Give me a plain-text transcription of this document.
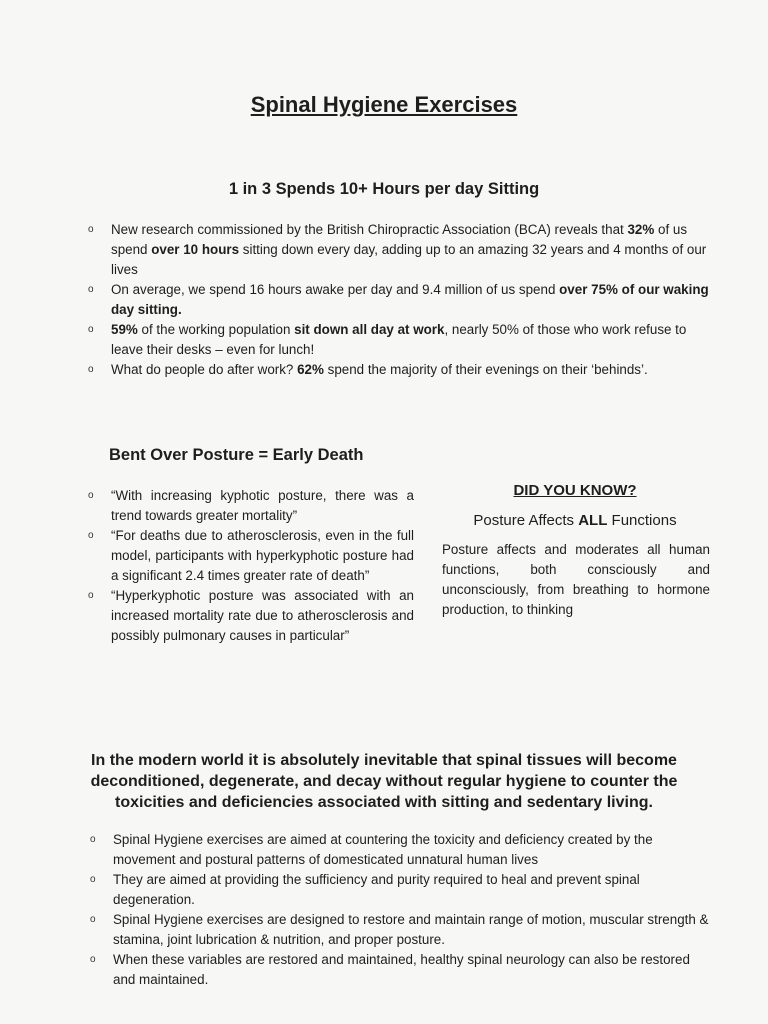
Spinal Hygiene Exercises
1 in 3 Spends 10+ Hours per day Sitting
o New research commissioned by the British Chiropractic Association (BCA) reveals that 32% of us spend over 10 hours sitting down every day, adding up to an amazing 32 years and 4 months of our lives
o On average, we spend 16 hours awake per day and 9.4 million of us spend over 75% of our waking day sitting.
o 59% of the working population sit down all day at work, nearly 50% of those who work refuse to leave their desks – even for lunch!
o What do people do after work? 62% spend the majority of their evenings on their ‘behinds’.
Bent Over Posture = Early Death
o “With increasing kyphotic posture, there was a trend towards greater mortality”
o “For deaths due to atherosclerosis, even in the full model, participants with hyperkyphotic posture had a significant 2.4 times greater rate of death”
o “Hyperkyphotic posture was associated with an increased mortality rate due to atherosclerosis and possibly pulmonary causes in particular”
DID YOU KNOW?

Posture Affects ALL Functions

Posture affects and moderates all human functions, both consciously and unconsciously, from breathing to hormone production, to thinking

In the modern world it is absolutely inevitable that spinal tissues will become deconditioned, degenerate, and decay without regular hygiene to counter the toxicities and deficiencies associated with sitting and sedentary living.

o Spinal Hygiene exercises are aimed at countering the toxicity and deficiency created by the movement and postural patterns of domesticated unnatural human lives
o They are aimed at providing the sufficiency and purity required to heal and prevent spinal degeneration.
o Spinal Hygiene exercises are designed to restore and maintain range of motion, muscular strength & stamina, joint lubrication & nutrition, and proper posture.
o When these variables are restored and maintained, healthy spinal neurology can also be restored and maintained.
